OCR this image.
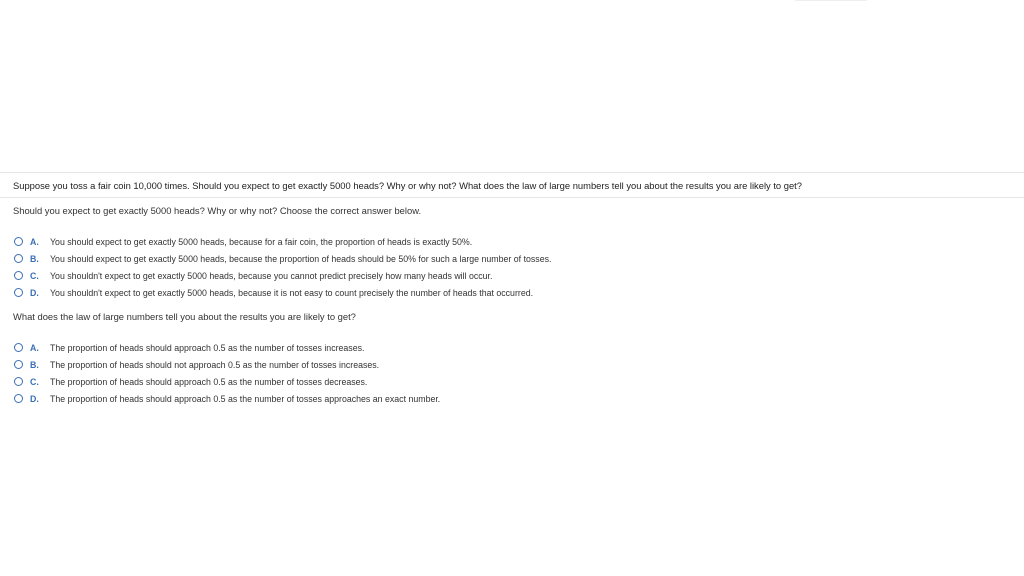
Suppose you toss a fair coin 10,000 times. Should you expect to get exactly 5000 heads? Why or why not? What does the law of large numbers tell you about the results you are likely to get?
Should you expect to get exactly 5000 heads? Why or why not? Choose the correct answer below.
A.	You should expect to get exactly 5000 heads, because for a fair coin, the proportion of heads is exactly 50%.
B.	You should expect to get exactly 5000 heads, because the proportion of heads should be 50% for such a large number of tosses.
C.	You shouldn't expect to get exactly 5000 heads, because you cannot predict precisely how many heads will occur.
D.	You shouldn't expect to get exactly 5000 heads, because it is not easy to count precisely the number of heads that occurred.
What does the law of large numbers tell you about the results you are likely to get?
A.	The proportion of heads should approach 0.5 as the number of tosses increases.
B.	The proportion of heads should not approach 0.5 as the number of tosses increases.
C.	The proportion of heads should approach 0.5 as the number of tosses decreases.
D.	The proportion of heads should approach 0.5 as the number of tosses approaches an exact number.
